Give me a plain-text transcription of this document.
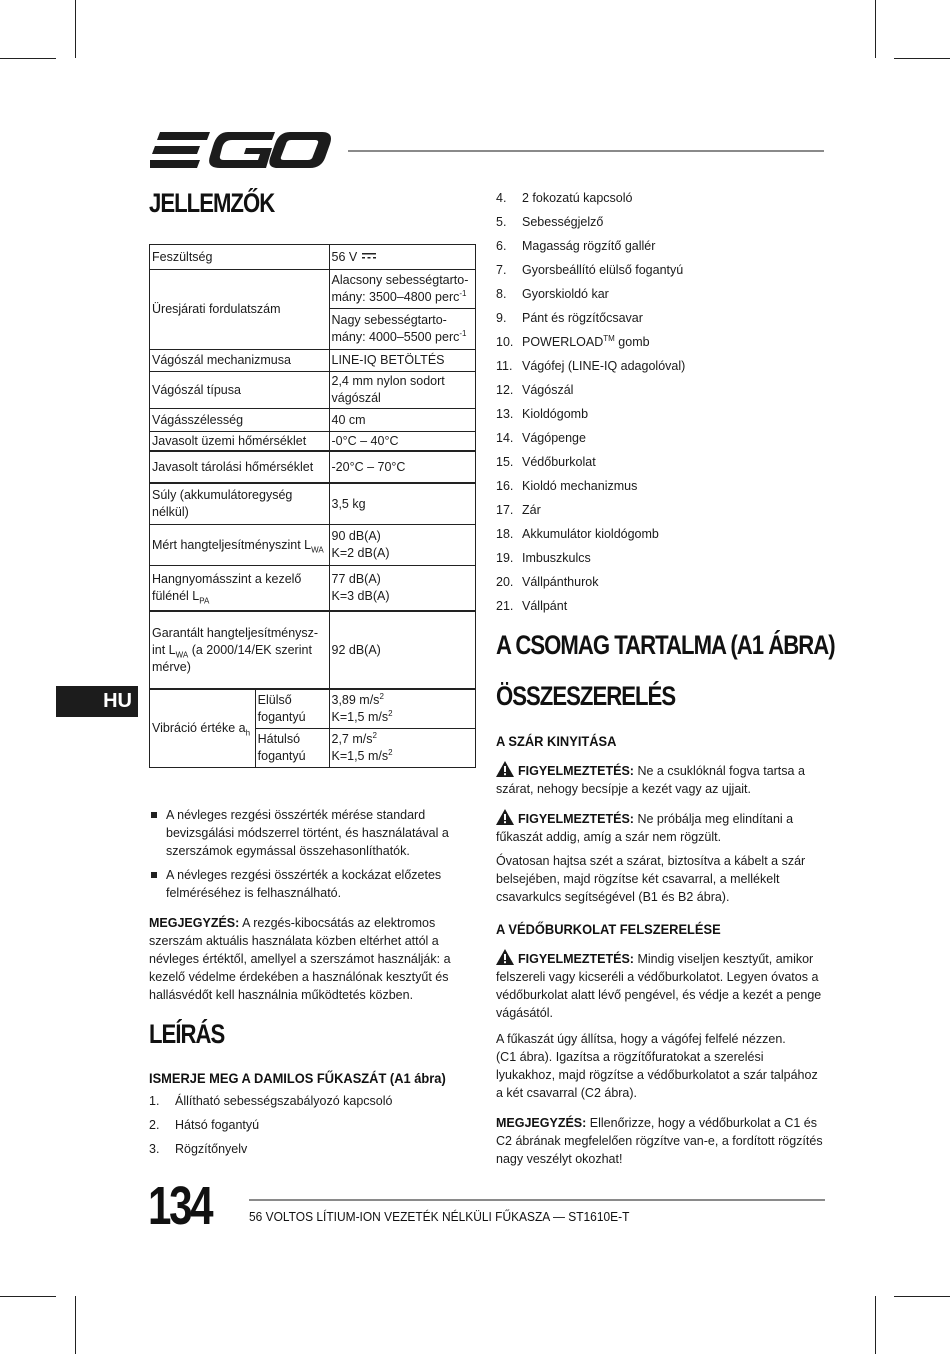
JELLEMZŐK
Feszültség		56 V
Üresjárati fordulatszám		Alacsony sebességtarto-
mány: 3500–4800 perc$^{-1}$
		Nagy sebességtarto-
mány: 4000–5500 perc$^{-1}$
Vágószál mechanizmusa		LINE-IQ BETÖLTÉS
Vágószál típusa		2,4 mm nylon sodort
vágószál
Vágásszélesség		40 cm
Javasolt üzemi hőmérséklet		-0°C – 40°C
Javasolt tárolási hőmérséklet		-20°C – 70°C
Súly (akkumulátoregység
nélkül)		3,5 kg
Mért hangteljesítményszint $L_{WA}$		90 dB(A)
K=2 dB(A)
Hangnyomásszint a kezelő
fülénél $L_{PA}$		77 dB(A)
K=3 dB(A)
Garantált hangteljesítménysz-
int $L_{WA}$ (a 2000/14/EK szerint
mérve)		92 dB(A)
Vibráció értéke $a_h$	Elülső
fogantyú	3,89 $m/s^2$
K=1,5 $m/s^2$
	Hátulsó
fogantyú	2,7 $m/s^2$
K=1,5 $m/s^2$
A névleges rezgési összérték mérése standard bevizsgálási módszerrel történt, és használatával a szerszámok egymással összehasonlíthatók.
A névleges rezgési összérték a kockázat előzetes felméréséhez is felhasználható.
MEGJEGYZÉS: A rezgés-kibocsátás az elektromos szerszám aktuális használata közben eltérhet attól a névleges értéktől, amellyel a szerszámot használják: a kezelő védelme érdekében a használónak kesztyűt és hallásvédőt kell használnia működtetés közben.
LEÍRÁS
ISMERJE MEG A DAMILOS FŰKASZÁT (A1 ábra)
1. Állítható sebességszabályozó kapcsoló
2. Hátsó fogantyú
3. Rögzítőnyelv
HU
4. 2 fokozatú kapcsoló
5. Sebességjelző
6. Magasság rögzítő gallér
7. Gyorsbeállító elülső fogantyú
8. Gyorskioldó kar
9. Pánt és rögzítőcsavar
10. POWERLOAD™ gomb
11. Vágófej (LINE-IQ adagolóval)
12. Vágószál
13. Kioldógomb
14. Vágópenge
15. Védőburkolat
16. Kioldó mechanizmus
17. Zár
18. Akkumulátor kioldógomb
19. Imbuszkulcs
20. Vállpánthurok
21. Vállpánt
A CSOMAG TARTALMA (A1 ÁBRA)
ÖSSZESZERELÉS
A SZÁR KINYITÁSA
FIGYELMEZTETÉS: Ne a csuklóknál fogva tartsa a szárat, nehogy becsípje a kezét vagy az ujjait.
FIGYELMEZTETÉS: Ne próbálja meg elindítani a fűkaszát addig, amíg a szár nem rögzült.
Óvatosan hajtsa szét a szárat, biztosítva a kábelt a szár belsejében, majd rögzítse két csavarral, a mellékelt csavarkulcs segítségével (B1 és B2 ábra).
A VÉDŐBURKOLAT FELSZERELÉSE
FIGYELMEZTETÉS: Mindig viseljen kesztyűt, amikor felszereli vagy kicseréli a védőburkolatot. Legyen óvatos a védőburkolat alatt lévő pengével, és védje a kezét a penge vágásától.
A fűkaszát úgy állítsa, hogy a vágófej felfelé nézzen.
(C1 ábra). Igazítsa a rögzítőfuratokat a szerelési lyukakhoz, majd rögzítse a védőburkolatot a szár talpához a két csavarral (C2 ábra).
MEGJEGYZÉS: Ellenőrizze, hogy a védőburkolat a C1 és C2 ábrának megfelelően rögzítve van-e, a fordított rögzítés nagy veszélyt okozhat!
134	56 VOLTOS LÍTIUM-ION VEZETÉK NÉLKÜLI FŰKASZA — ST1610E-T
